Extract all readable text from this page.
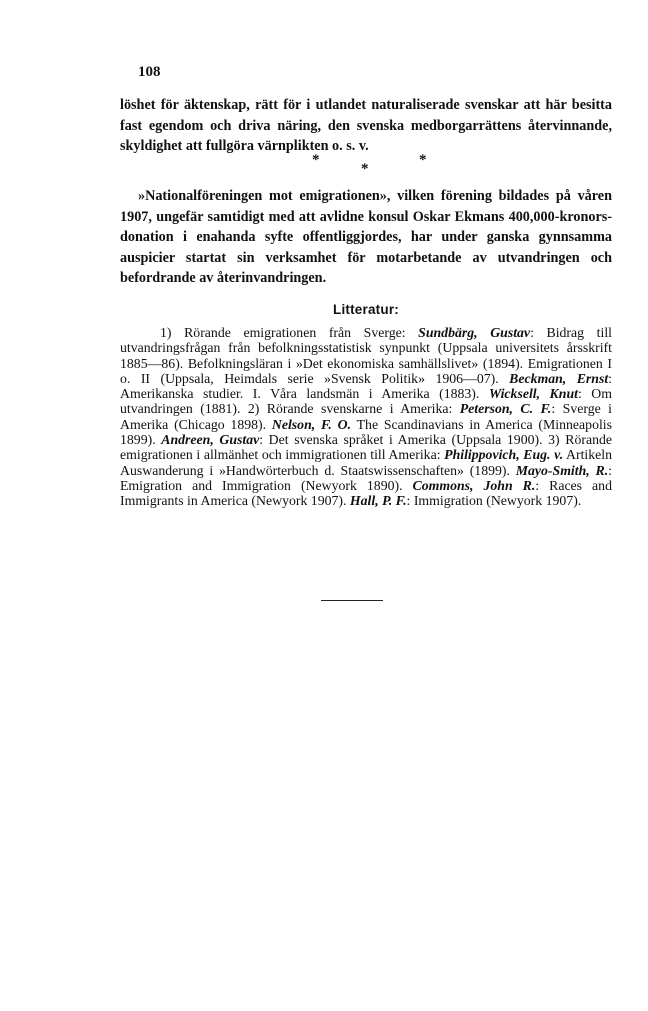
108

löshet för äktenskap, rätt för i utlandet naturaliserade svenskar att här besitta fast egendom och driva näring, den svenska medborgarrättens återvinnande, skyldighet att fullgöra värnplikten o. s. v.

*
*
*

»Nationalföreningen mot emigrationen», vilken förening bildades på våren 1907, ungefär samtidigt med att avlidne konsul Oskar Ekmans 400,000-kronors-donation i enahanda syfte offentliggjordes, har under ganska gynnsamma auspicier startat sin verksamhet för motarbetande av utvandringen och befordrande av återinvandringen.

Litteratur:

1) Rörande emigrationen från Sverge: Sundbärg, Gustav: Bidrag till utvandringsfrågan från befolkningsstatistisk synpunkt (Uppsala universitets årsskrift 1885—86). Befolkningsläran i »Det ekonomiska samhällslivet» (1894). Emigrationen I o. II (Uppsala, Heimdals serie »Svensk Politik» 1906—07). Beckman, Ernst: Amerikanska studier. I. Våra landsmän i Amerika (1883). Wicksell, Knut: Om utvandringen (1881). 2) Rörande svenskarne i Amerika: Peterson, C. F.: Sverge i Amerika (Chicago 1898). Nelson, F. O. The Scandinavians in America (Minneapolis 1899). Andreen, Gustav: Det svenska språket i Amerika (Uppsala 1900). 3) Rörande emigrationen i allmänhet och immigrationen till Amerika: Philippovich, Eug. v. Artikeln Auswanderung i »Handwörterbuch d. Staatswissenschaften» (1899). Mayo-Smith, R.: Emigration and Immigration (Newyork 1890). Commons, John R.: Races and Immigrants in America (Newyork 1907). Hall, P. F.: Immigration (Newyork 1907).
